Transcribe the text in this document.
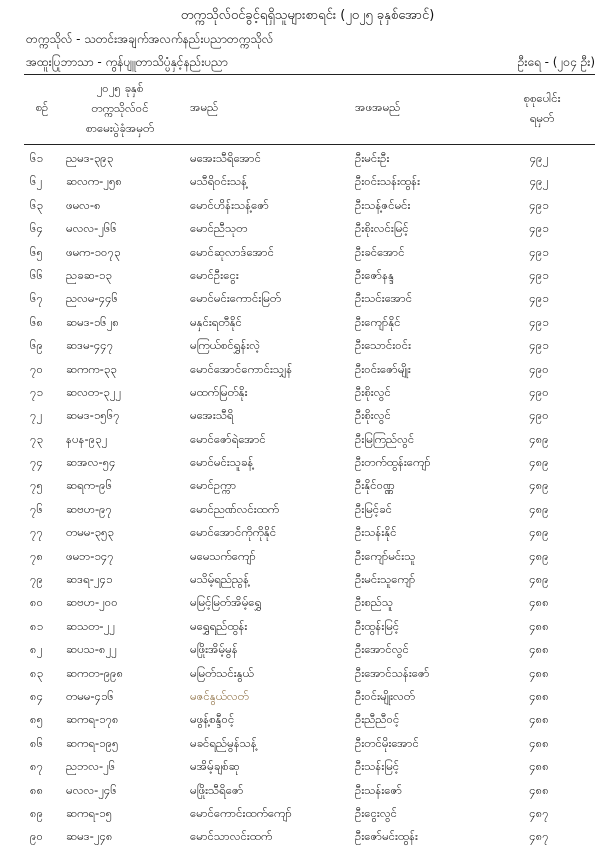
တက္ကသိုလ်ဝင်ခွင့်ရရှိသူများစာရင်း (၂၀၂၅ ခုနှစ်အောင်)
တက္ကသိုလ် - သတင်းအချက်အလက်နည်းပညာတက္ကသိုလ်
အထူးပြုဘာသာ - ကွန်ပျူတာသိပ္ပံနှင့်နည်းပညာ	ဦးရေ - (၂၀၄ ဦး)
စဉ်
၂၀၂၅ ခုနှစ်
တက္ကသိုလ်ဝင်
စာမေးပွဲခုံအမှတ်
အမည်	အဖအမည်
စုစုပေါင်း
ရမှတ်
၆၁	ညမဒ-၃၉၃	မအေးသီရိအောင်	ဦးမင်းဦး	၄၉၂
၆၂	ဆလက-၂၅၈	မသီရိဝင်းသန့်	ဦးဝင်းသန်းထွန်း	၄၉၂
၆၃	ဖမလ-၈	မောင်ဟိန်းသန့်ဇော်	ဦးသန့်ဇင်မင်း	၄၉၁
၆၄	မလလ-၂၆၆	မောင်ညီသုတ	ဦးစိုးလင်းမြင့်	၄၉၁
၆၅	ဖမက-၁၀၇၃	မောင်ဆုလာဒ်အောင်	ဦးခင်အောင်	၄၉၁
၆၆	ညခဆ-၁၃	မောင်ဦးငွေး	ဦးဇော်နန္ဒ	၄၉၁
၆၇	ညလမ-၄၄၆	မောင်မင်းကောင်းမြတ်	ဦးသင်းအောင်	၄၉၁
၆၈	ဆမဒ-၁၆၂၈	မနှင်းရတီနိုင်	ဦးကျော်နိုင်	၄၉၁
၆၉	ဆဒမ-၄၄၇	မကြယ်စင်ရွှန်းလဲ့	ဦးသောင်းဝင်း	၄၉၁
၇၀	ဆကက-၃၃	မောင်အောင်ကောင်းသျှန်	ဦးဝင်းဇော်မျိုး	၄၉၀
၇၁	ဆလတ-၃၂၂	မထက်မြတ်နိုး	ဦးစိုးလွင်	၄၉၀
၇၂	ဆမဒ-၁၅၆၇	မအေးသီရိ	ဦးစိုးလွင်	၄၉၀
၇၃	နပန-၉၃၂	မောင်ဇော်ရဲအောင်	ဦးမြကြည်လွင်	၄၈၉
၇၄	ဆအလ-၅၄	မောင်မင်းသူခန့်	ဦးတက်ထွန်းကျော်	၄၈၉
၇၅	ဆရက-၉၆	မောင်ဥက္ကာ	ဦးနိုင်ဝဏ္ဏ	၄၈၉
၇၆	ဆဗဟ-၉၇	မောင်ညဏ်လင်းထက်	ဦးမြင့်ခင်	၄၈၉
၇၇	တမမ-၃၅၃	မောင်အောင်ကိုကိုနိုင်	ဦးသန်းနိုင်	၄၈၉
၇၈	ဖမဘ-၁၄၇	မမေသက်ကျော်	ဦးကျော်မင်းသူ	၄၈၉
၇၉	ဆဒရ-၂၄၁	မသိမ့်ရည်ညွန့်	ဦးမင်းသူကျော်	၄၈၉
၈၀	ဆဗဟ-၂၀၀	မမြင့်မြတ်အိမ့်ရွှေ	ဦးစည်သူ	၄၈၈
၈၁	ဆသတ-၂၂	မရွှေရည်ထွန်း	ဦးထွန်းမြင့်	၄၈၈
၈၂	ဆပသ-၈၂၂	မဖြိုးအိမ့်မွန်	ဦးအောင်လွင်	၄၈၈
၈၃	ဆကတ-၉၉၈	မမြတ်သင်းနွယ်	ဦးအောင်သန်းဇော်	၄၈၈
၈၄	တမမ-၄၁၆	မဇင်နွယ်လတ်	ဦးဝင်းမျိုးလတ်	၄၈၈
၈၅	ဆကရ-၁၇၈	မဖွန့်စန္ဒီဝင့်	ဦးညီညီဝင့်	၄၈၈
၈၆	ဆကရ-၁၉၅	မခင်ရည်မွန်သန့်	ဦးတင်မိုးအောင်	၄၈၈
၈၇	ညဘလ-၂၆	မအိမ့်ချစ်ဆု	ဦးသန်းမြင့်	၄၈၈
၈၈	မလလ-၂၄၆	မဖြိုးသီရိဇော်	ဦးသန်းဇော်	၄၈၈
၈၉	ဆကရ-၁၅	မောင်ကောင်းထက်ကျော်	ဦးငွေးလွင်	၄၈၇
၉၀	ဆမဒ-၂၄၈	မောင်သာလင်းထက်	ဦးဇော်မင်းထွန်း	၄၈၇
